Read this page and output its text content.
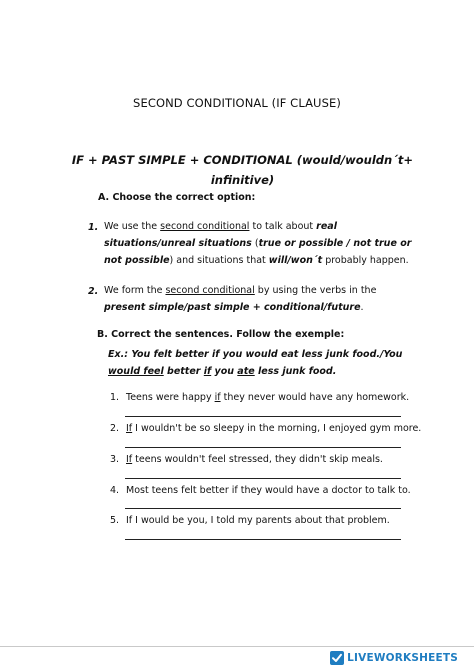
SECOND CONDITIONAL (IF CLAUSE)
IF + PAST SIMPLE + CONDITIONAL (would/wouldn´t+ infinitive)
A. Choose the correct option:
1. We use the second conditional to talk about real situations/unreal situations (true or possible / not true or not possible) and situations that will/won´t probably happen.
2. We form the second conditional by using the verbs in the present simple/past simple + conditional/future.
B. Correct the sentences. Follow the exemple:
Ex.: You felt better if you would eat less junk food./You would feel better if you ate less junk food.
1. Teens were happy if they never would have any homework.
2. If I wouldn't be so sleepy in the morning, I enjoyed gym more.
3. If teens wouldn't feel stressed, they didn't skip meals.
4. Most teens felt better if they would have a doctor to talk to.
5. If I would be you, I told my parents about that problem.
LIVEWORKSHEETS
